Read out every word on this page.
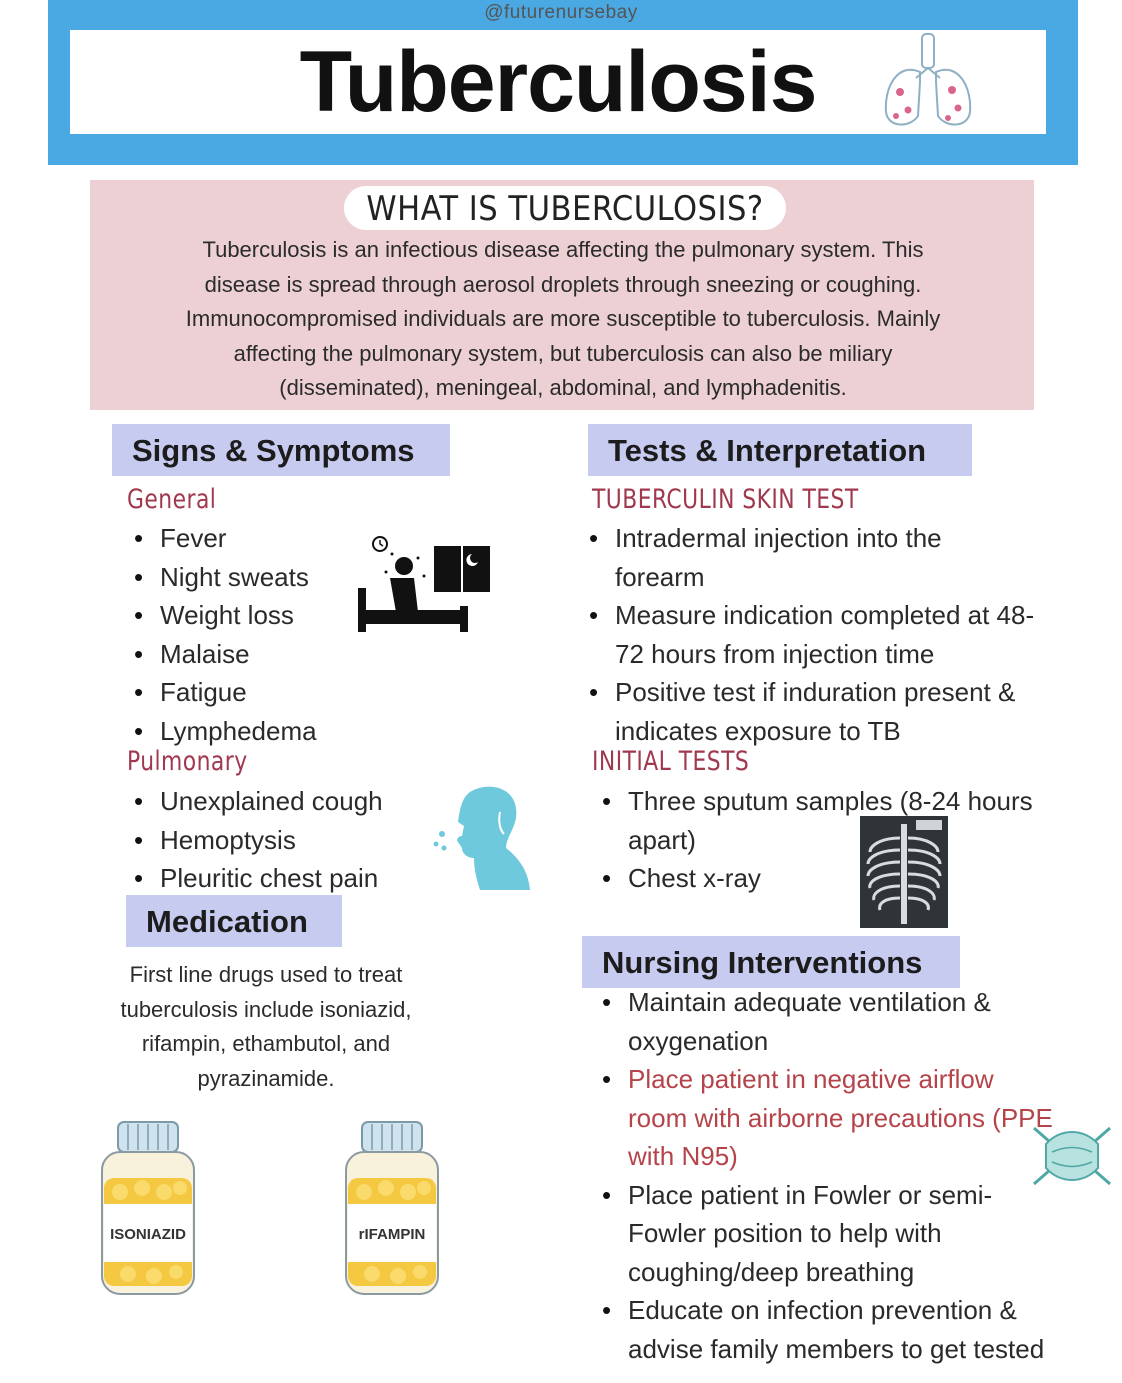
@futurenursebay
Tuberculosis
WHAT IS TUBERCULOSIS?
Tuberculosis is an infectious disease affecting the pulmonary system. This
disease is spread through aerosol droplets through sneezing or coughing.
Immunocompromised individuals are more susceptible to tuberculosis. Mainly
affecting the pulmonary system, but tuberculosis can also be miliary
(disseminated), meningeal, abdominal, and lymphadenitis.
Signs & Symptoms
General
• Fever
• Night sweats
• Weight loss
• Malaise
• Fatigue
• Lymphedema
Pulmonary
• Unexplained cough
• Hemoptysis
• Pleuritic chest pain
Medication
First line drugs used to treat
tuberculosis include isoniazid,
rifampin, ethambutol, and
pyrazinamide.
ISONIAZID	rIFAMPIN
Tests & Interpretation
TUBERCULIN SKIN TEST
• Intradermal injection into the
forearm
• Measure indication completed at 48-
72 hours from injection time
• Positive test if induration present &
indicates exposure to TB
INITIAL TESTS
• Three sputum samples (8-24 hours
apart)
• Chest x-ray
Nursing Interventions
• Maintain adequate ventilation &
oxygenation
• Place patient in negative airflow
room with airborne precautions (PPE
with N95)
• Place patient in Fowler or semi-
Fowler position to help with
coughing/deep breathing
• Educate on infection prevention &
advise family members to get tested
